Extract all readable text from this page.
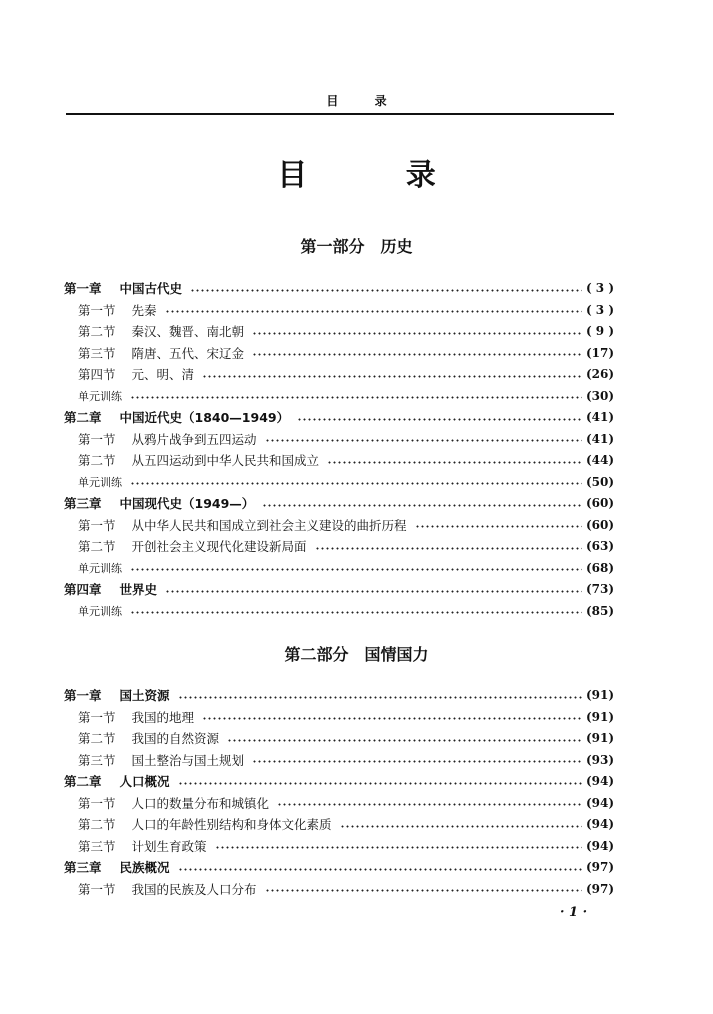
目 录
目 录
第一部分 历史
第二部分 国情国力
第一章 中国古代史	( 3 )
第一节 先秦	( 3 )
第二节 秦汉、魏晋、南北朝	( 9 )
第三节 隋唐、五代、宋辽金	(17)
第四节 元、明、清	(26)
单元训练	(30)
第二章 中国近代史（1840—1949）	(41)
第一节 从鸦片战争到五四运动	(41)
第二节 从五四运动到中华人民共和国成立	(44)
单元训练	(50)
第三章 中国现代史（1949—）	(60)
第一节 从中华人民共和国成立到社会主义建设的曲折历程	(60)
第二节 开创社会主义现代化建设新局面	(63)
单元训练	(68)
第四章 世界史	(73)
单元训练	(85)
第一章 国土资源	(91)
第一节 我国的地理	(91)
第二节 我国的自然资源	(91)
第三节 国土整治与国土规划	(93)
第二章 人口概况	(94)
第一节 人口的数量分布和城镇化	(94)
第二节 人口的年龄性别结构和身体文化素质	(94)
第三节 计划生育政策	(94)
第三章 民族概况	(97)
第一节 我国的民族及人口分布	(97)
· 1 ·
